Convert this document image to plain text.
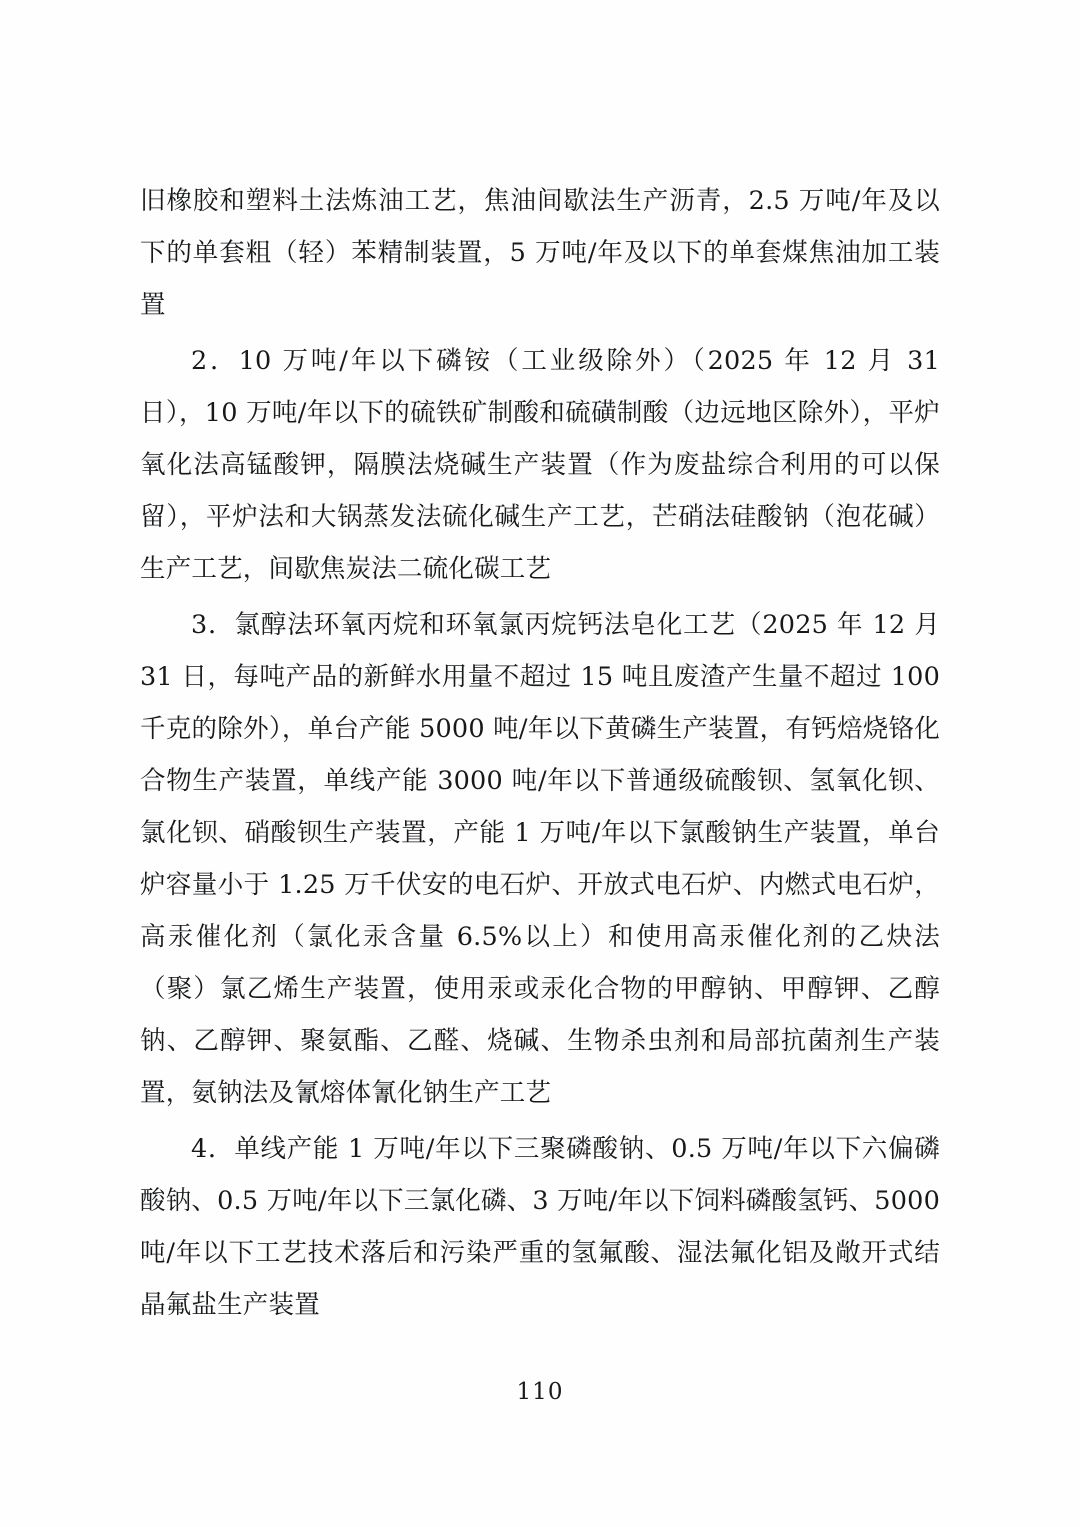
旧橡胶和塑料土法炼油工艺，焦油间歇法生产沥青，2.5 万吨/年及以下的单套粗（轻）苯精制装置，5 万吨/年及以下的单套煤焦油加工装置

2．10 万吨/年以下磷铵（工业级除外）（2025 年 12 月 31 日），10 万吨/年以下的硫铁矿制酸和硫磺制酸（边远地区除外），平炉氧化法高锰酸钾，隔膜法烧碱生产装置（作为废盐综合利用的可以保留），平炉法和大锅蒸发法硫化碱生产工艺，芒硝法硅酸钠（泡花碱）生产工艺，间歇焦炭法二硫化碳工艺

3．氯醇法环氧丙烷和环氧氯丙烷钙法皂化工艺（2025 年 12 月 31 日，每吨产品的新鲜水用量不超过 15 吨且废渣产生量不超过 100 千克的除外），单台产能 5000 吨/年以下黄磷生产装置，有钙焙烧铬化合物生产装置，单线产能 3000 吨/年以下普通级硫酸钡、氢氧化钡、氯化钡、硝酸钡生产装置，产能 1 万吨/年以下氯酸钠生产装置，单台炉容量小于 1.25 万千伏安的电石炉、开放式电石炉、内燃式电石炉，高汞催化剂（氯化汞含量 6.5%以上）和使用高汞催化剂的乙炔法（聚）氯乙烯生产装置，使用汞或汞化合物的甲醇钠、甲醇钾、乙醇钠、乙醇钾、聚氨酯、乙醛、烧碱、生物杀虫剂和局部抗菌剂生产装置，氨钠法及氰熔体氰化钠生产工艺

4．单线产能 1 万吨/年以下三聚磷酸钠、0.5 万吨/年以下六偏磷酸钠、0.5 万吨/年以下三氯化磷、3 万吨/年以下饲料磷酸氢钙、5000 吨/年以下工艺技术落后和污染严重的氢氟酸、湿法氟化铝及敞开式结晶氟盐生产装置

110
